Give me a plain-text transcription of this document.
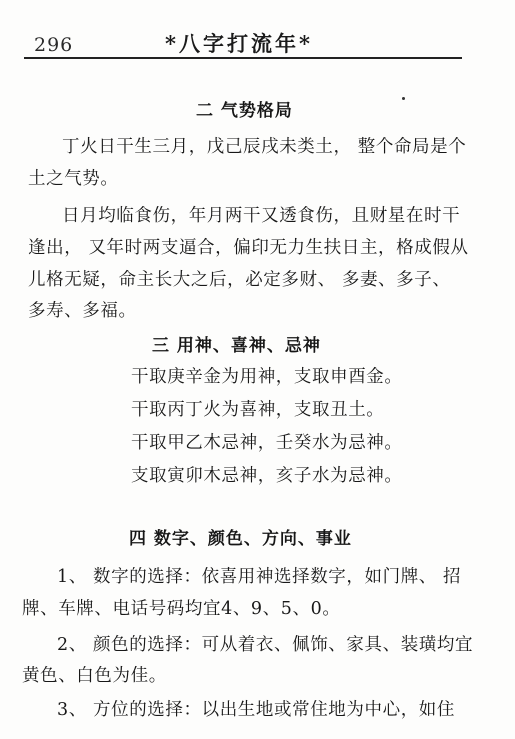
296	*八字打流年*
二 气势格局
丁火日干生三月，戊己辰戌未类土， 整个命局是个
土之气势。
日月均临食伤，年月两干又透食伤，且财星在时干
逢出， 又年时两支逼合，偏印无力生扶日主，格成假从
儿格无疑，命主长大之后，必定多财、 多妻、多子、
多寿、多福。
三 用神、喜神、忌神
干取庚辛金为用神，支取申酉金。
干取丙丁火为喜神，支取丑土。
干取甲乙木忌神，壬癸水为忌神。
支取寅卯木忌神，亥子水为忌神。
四 数字、颜色、方向、事业
1、 数字的选择：依喜用神选择数字，如门牌、 招
牌、车牌、电话号码均宜4、9、5、0。
2、 颜色的选择：可从着衣、佩饰、家具、装璜均宜
黄色、白色为佳。
3、 方位的选择：以出生地或常住地为中心，如住
